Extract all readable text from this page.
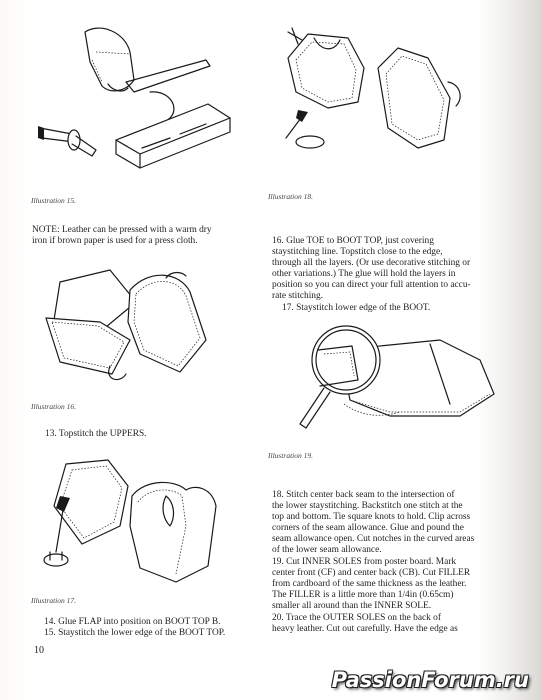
Illustration 15.

NOTE: Leather can be pressed with a warm dry
iron if brown paper is used for a press cloth.

Illustration 16.

13. Topstitch the UPPERS.

Illustration 17.

14. Glue FLAP into position on BOOT TOP B.
15. Staystitch the lower edge of the BOOT TOP.

Illustration 18.

16. Glue TOE to BOOT TOP, just covering
staystitching line. Topstitch close to the edge,
through all the layers. (Or use decorative stitching or
other variations.) The glue will hold the layers in
position so you can direct your full attention to accu-
rate stitching.

17. Staystitch lower edge of the BOOT.

Illustration 19.

18. Stitch center back seam to the intersection of
the lower staystitching. Backstitch one stitch at the
top and bottom. Tie square knots to hold. Clip across
corners of the seam allowance. Glue and pound the
seam allowance open. Cut notches in the curved areas
of the lower seam allowance.

19. Cut INNER SOLES from poster board. Mark
center front (CF) and center back (CB). Cut FILLER
from cardboard of the same thickness as the leather.
The FILLER is a little more than 1/4in (0.65cm)
smaller all around than the INNER SOLE.

20. Trace the OUTER SOLES on the back of
heavy leather. Cut out carefully. Have the edge as

10
PassionForum.ru
